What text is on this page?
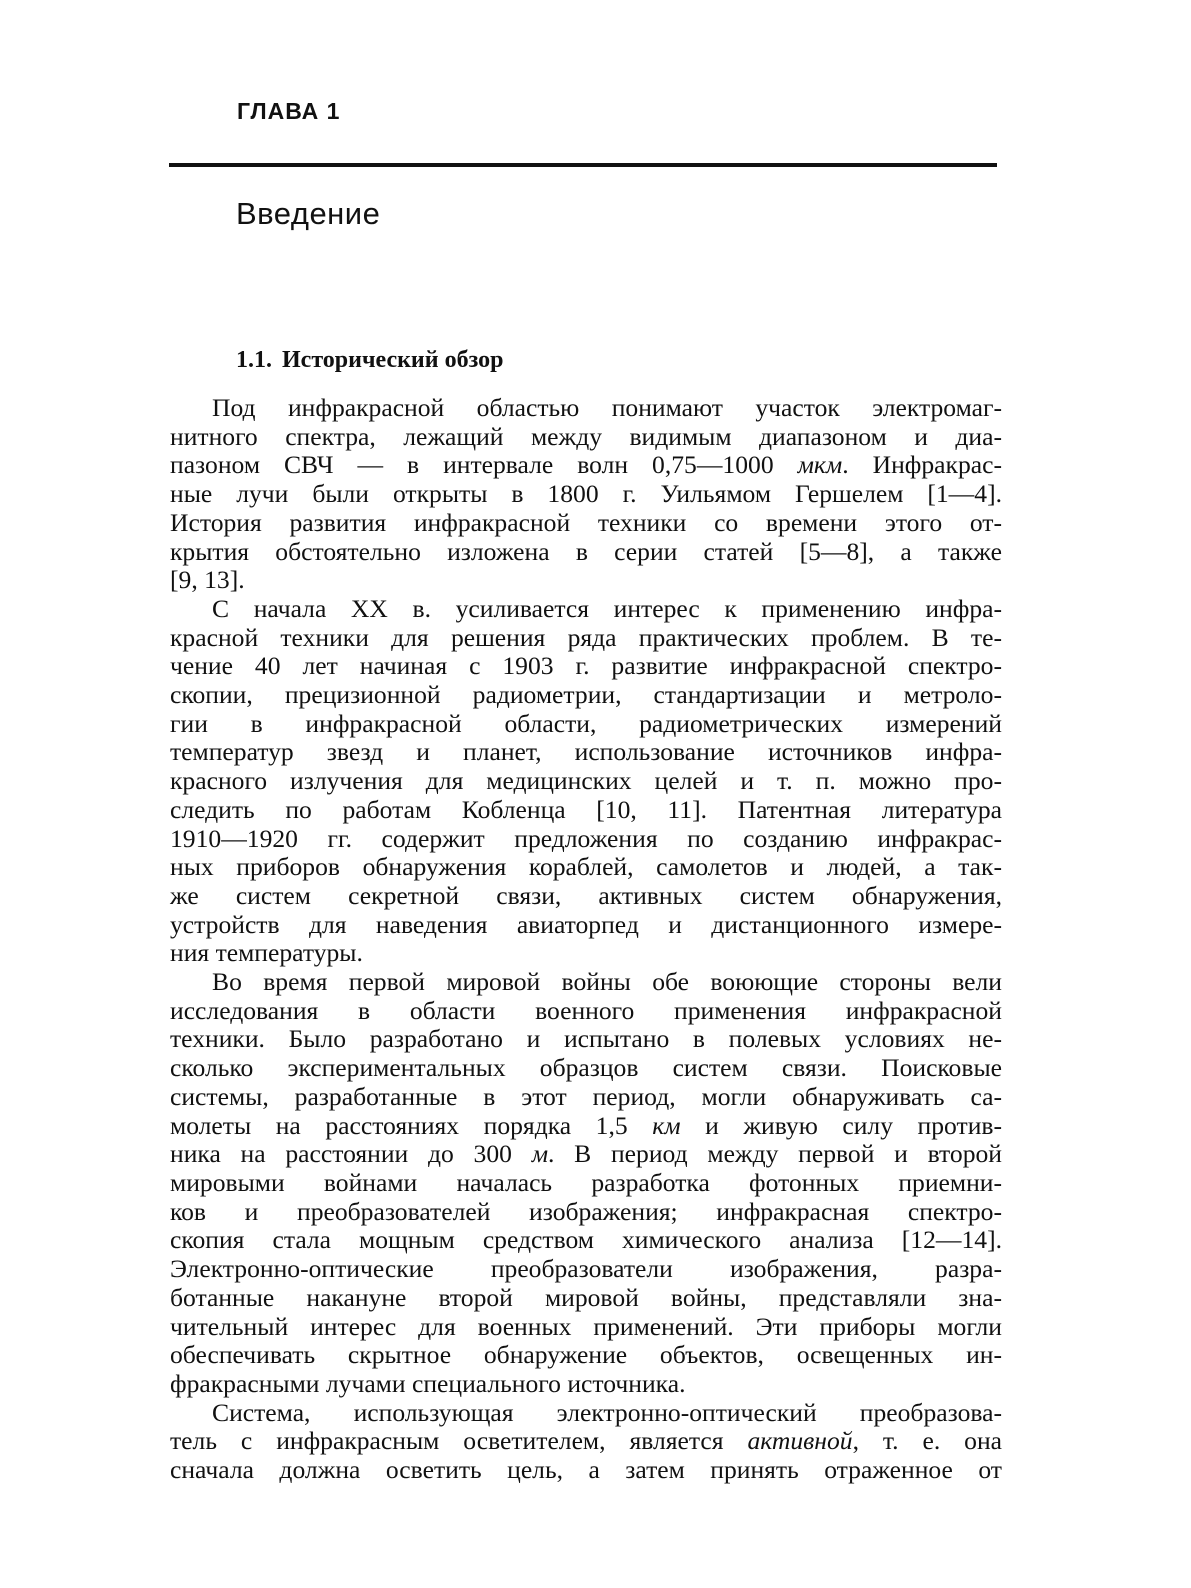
ГЛАВА 1
Введение
1.1. Исторический обзор
Под инфракрасной областью понимают участок электромаг-
нитного спектра, лежащий между видимым диапазоном и диа-
пазоном СВЧ — в интервале волн 0,75—1000 мкм. Инфракрас-
ные лучи были открыты в 1800 г. Уильямом Гершелем [1—4].
История развития инфракрасной техники со времени этого от-
крытия обстоятельно изложена в серии статей [5—8], а также
[9, 13].
С начала XX в. усиливается интерес к применению инфра-
красной техники для решения ряда практических проблем. В те-
чение 40 лет начиная с 1903 г. развитие инфракрасной спектро-
скопии, прецизионной радиометрии, стандартизации и метроло-
гии в инфракрасной области, радиометрических измерений
температур звезд и планет, использование источников инфра-
красного излучения для медицинских целей и т. п. можно про-
следить по работам Кобленца [10, 11]. Патентная литература
1910—1920 гг. содержит предложения по созданию инфракрас-
ных приборов обнаружения кораблей, самолетов и людей, а так-
же систем секретной связи, активных систем обнаружения,
устройств для наведения авиаторпед и дистанционного измере-
ния температуры.
Во время первой мировой войны обе воюющие стороны вели
исследования в области военного применения инфракрасной
техники. Было разработано и испытано в полевых условиях не-
сколько экспериментальных образцов систем связи. Поисковые
системы, разработанные в этот период, могли обнаруживать са-
молеты на расстояниях порядка 1,5 км и живую силу против-
ника на расстоянии до 300 м. В период между первой и второй
мировыми войнами началась разработка фотонных приемни-
ков и преобразователей изображения; инфракрасная спектро-
скопия стала мощным средством химического анализа [12—14].
Электронно-оптические преобразователи изображения, разра-
ботанные накануне второй мировой войны, представляли зна-
чительный интерес для военных применений. Эти приборы могли
обеспечивать скрытное обнаружение объектов, освещенных ин-
фракрасными лучами специального источника.
Система, использующая электронно-оптический преобразова-
тель с инфракрасным осветителем, является активной, т. е. она
сначала должна осветить цель, а затем принять отраженное от
